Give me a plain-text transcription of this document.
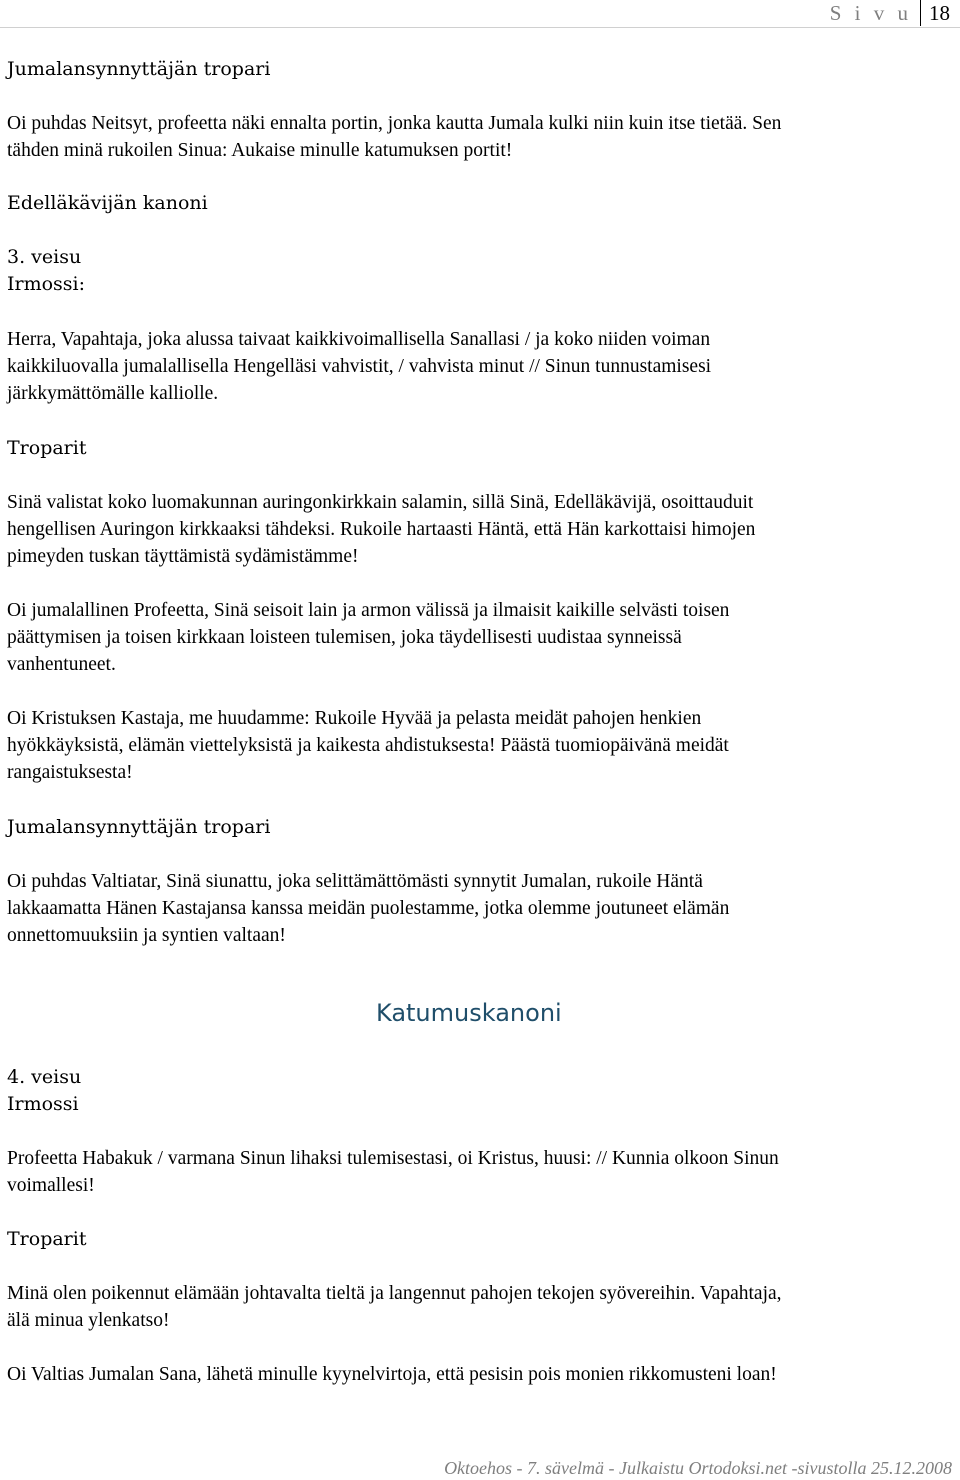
S i v u 18
Jumalansynnyttäjän tropari
Oi puhdas Neitsyt, profeetta näki ennalta portin, jonka kautta Jumala kulki niin kuin itse tietää. Sen
tähden minä rukoilen Sinua: Aukaise minulle katumuksen portit!
Edelläkävijän kanoni
3. veisu
Irmossi:
Herra, Vapahtaja, joka alussa taivaat kaikkivoimallisella Sanallasi / ja koko niiden voiman
kaikkiluovalla jumalallisella Hengelläsi vahvistit, / vahvista minut // Sinun tunnustamisesi
järkkymättömälle kalliolle.
Troparit
Sinä valistat koko luomakunnan auringonkirkkain salamin, sillä Sinä, Edelläkävijä, osoittauduit
hengellisen Auringon kirkkaaksi tähdeksi. Rukoile hartaasti Häntä, että Hän karkottaisi himojen
pimeyden tuskan täyttämistä sydämistämme!
Oi jumalallinen Profeetta, Sinä seisoit lain ja armon välissä ja ilmaisit kaikille selvästi toisen
päättymisen ja toisen kirkkaan loisteen tulemisen, joka täydellisesti uudistaa synneissä
vanhentuneet.
Oi Kristuksen Kastaja, me huudamme: Rukoile Hyvää ja pelasta meidät pahojen henkien
hyökkäyksistä, elämän viettelyksistä ja kaikesta ahdistuksesta! Päästä tuomiopäivänä meidät
rangaistuksesta!
Jumalansynnyttäjän tropari
Oi puhdas Valtiatar, Sinä siunattu, joka selittämättömästi synnytit Jumalan, rukoile Häntä
lakkaamatta Hänen Kastajansa kanssa meidän puolestamme, jotka olemme joutuneet elämän
onnettomuuksiin ja syntien valtaan!
4. veisu
Irmossi
Profeetta Habakuk / varmana Sinun lihaksi tulemisestasi, oi Kristus, huusi: // Kunnia olkoon Sinun
voimallesi!
Troparit
Minä olen poikennut elämään johtavalta tieltä ja langennut pahojen tekojen syövereihin. Vapahtaja,
älä minua ylenkatso!
Oi Valtias Jumalan Sana, lähetä minulle kyynelvirtoja, että pesisin pois monien rikkomusteni loan!
Katumuskanoni
Oktoehos - 7. sävelmä - Julkaistu Ortodoksi.net -sivustolla 25.12.2008
